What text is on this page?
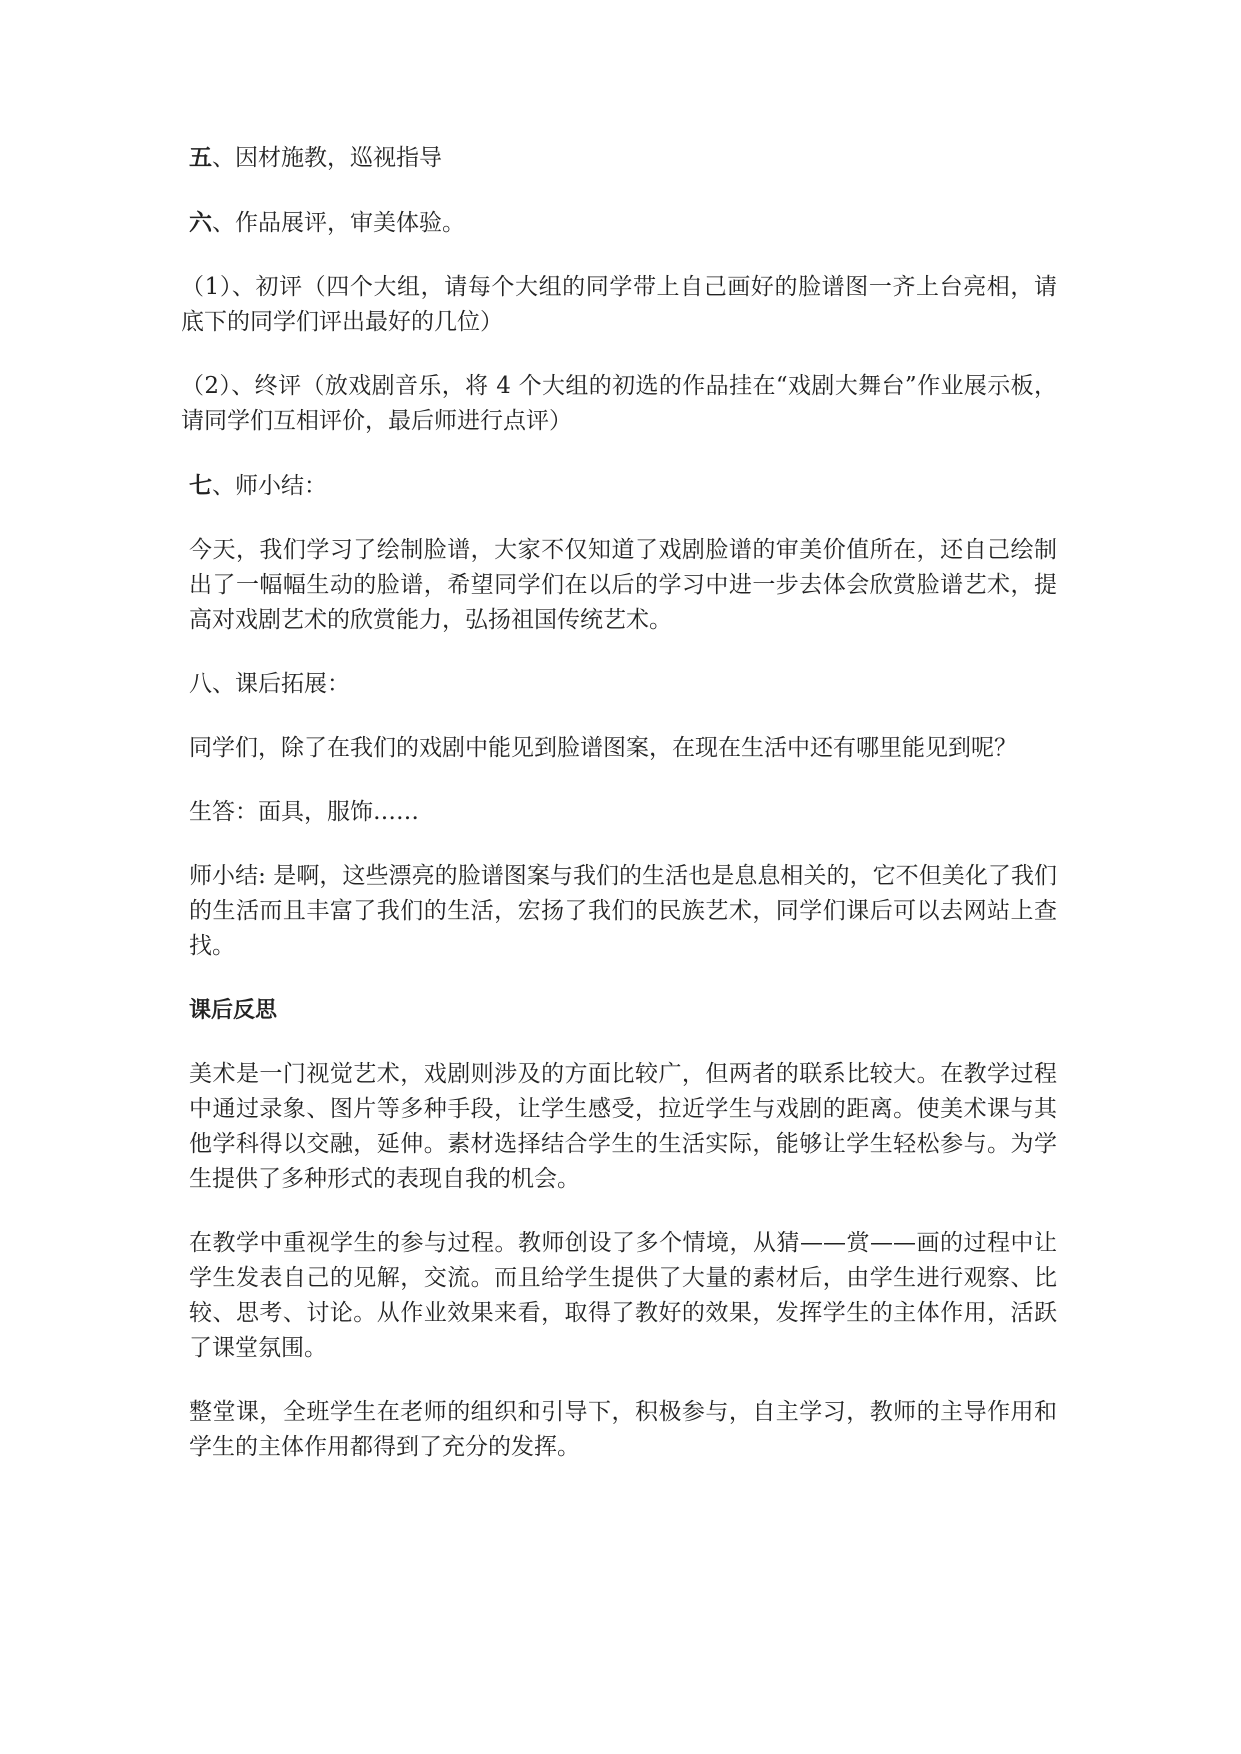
五、因材施教，巡视指导

六、作品展评，审美体验。

（1）、初评（四个大组，请每个大组的同学带上自己画好的脸谱图一齐上台亮相，请底下的同学们评出最好的几位）

（2）、终评（放戏剧音乐，将 4 个大组的初选的作品挂在“戏剧大舞台”作业展示板，请同学们互相评价，最后师进行点评）

七、师小结：

今天，我们学习了绘制脸谱，大家不仅知道了戏剧脸谱的审美价值所在，还自己绘制出了一幅幅生动的脸谱，希望同学们在以后的学习中进一步去体会欣赏脸谱艺术，提高对戏剧艺术的欣赏能力，弘扬祖国传统艺术。

八、课后拓展：

同学们，除了在我们的戏剧中能见到脸谱图案，在现在生活中还有哪里能见到呢？

生答：面具，服饰……

师小结: 是啊，这些漂亮的脸谱图案与我们的生活也是息息相关的，它不但美化了我们的生活而且丰富了我们的生活，宏扬了我们的民族艺术，同学们课后可以去网站上查找。

课后反思

美术是一门视觉艺术，戏剧则涉及的方面比较广，但两者的联系比较大。在教学过程中通过录象、图片等多种手段，让学生感受，拉近学生与戏剧的距离。使美术课与其他学科得以交融，延伸。素材选择结合学生的生活实际，能够让学生轻松参与。为学生提供了多种形式的表现自我的机会。

在教学中重视学生的参与过程。教师创设了多个情境，从猜——赏——画的过程中让学生发表自己的见解，交流。而且给学生提供了大量的素材后，由学生进行观察、比较、思考、讨论。从作业效果来看，取得了教好的效果，发挥学生的主体作用，活跃了课堂氛围。

整堂课，全班学生在老师的组织和引导下，积极参与，自主学习，教师的主导作用和学生的主体作用都得到了充分的发挥。
